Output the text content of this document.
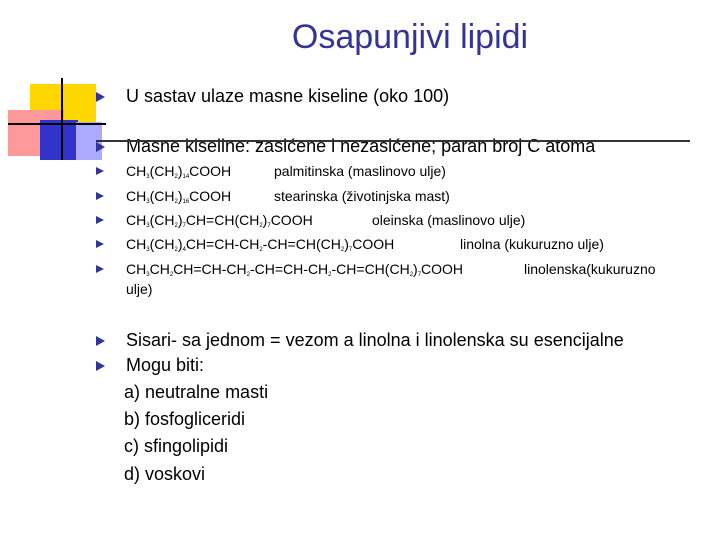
Osapunjivi lipidi
U sastav ulaze masne kiseline (oko 100)
Masne kiseline: zasićene i nezasićene; paran broj C atoma
$CH_3(CH_2)_{14}COOH$	palmitinska (maslinovo ulje)
$CH_3(CH_2)_{16}COOH$	stearinska (životinjska mast)
$CH_3(CH_2)_7CH=CH(CH_2)_7COOH$	oleinska (maslinovo ulje)
$CH_3(CH_2)_4CH=CH-CH_2-CH=CH(CH_2)_7COOH$	linolna (kukuruzno ulje)
$CH_3CH_2CH=CH-CH_2-CH=CH-CH_2-CH=CH(CH_2)_7COOH$	linolenska(kukuruzno
ulje)
Sisari- sa jednom = vezom a linolna i linolenska su esencijalne
Mogu biti:
a) neutralne masti
b) fosfogliceridi
c) sfingolipidi
d) voskovi
